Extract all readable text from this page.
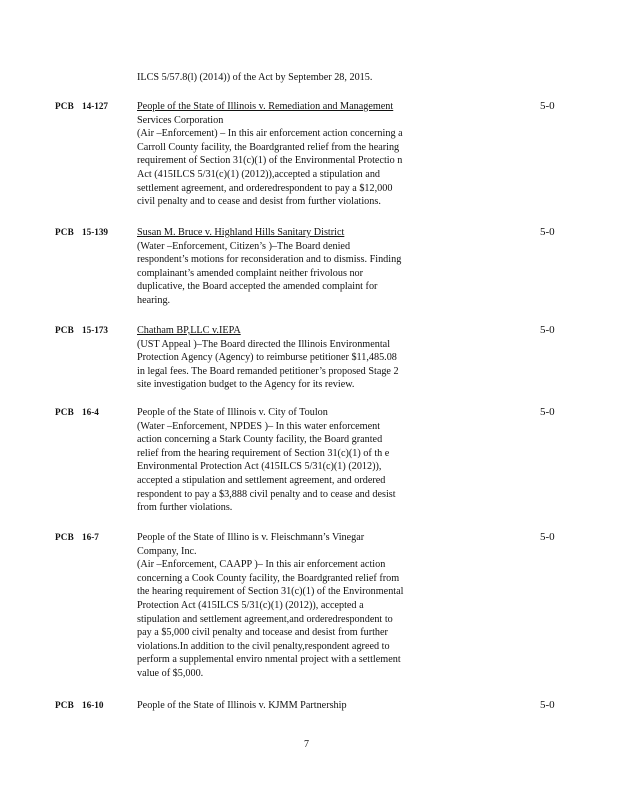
ILCS 5/57.8(l) (2014)) of the Act by September 28, 2015.
PCB 14-127	People of the State of Illinois v. Remediation and Management
Services Corporation
(Air –Enforcement) – In this air enforcement action concerning a
Carroll County facility, the Boardgranted relief from the hearing
requirement of Section 31(c)(1) of the Environmental Protectio n
Act (415ILCS 5/31(c)(1) (2012)),accepted a stipulation and
settlement agreement, and orderedrespondent to pay a $12,000
civil penalty and to cease and desist from further violations.
5-0
PCB 15-139	Susan M. Bruce v. Highland Hills Sanitary District
(Water –Enforcement, Citizen’s )–The Board denied
respondent’s motions for reconsideration and to dismiss. Finding
complainant’s amended complaint neither frivolous nor
duplicative, the Board accepted the amended complaint for
hearing.
5-0
PCB 15-173	Chatham BP,LLC v.IEPA
(UST Appeal )–The Board directed the Illinois Environmental
Protection Agency (Agency) to reimburse petitioner $11,485.08
in legal fees. The Board remanded petitioner’s proposed Stage 2
site investigation budget to the Agency for its review.
5-0
PCB 16-4	People of the State of Illinois v. City of Toulon
(Water –Enforcement, NPDES )– In this water enforcement
action concerning a Stark County facility, the Board granted
relief from the hearing requirement of Section 31(c)(1) of th e
Environmental Protection Act (415ILCS 5/31(c)(1) (2012)),
accepted a stipulation and settlement agreement, and ordered
respondent to pay a $3,888 civil penalty and to cease and desist
from further violations.
5-0
PCB 16-7	People of the State of Illino is v. Fleischmann’s Vinegar
Company, Inc.
(Air –Enforcement, CAAPP )– In this air enforcement action
concerning a Cook County facility, the Boardgranted relief from
the hearing requirement of Section 31(c)(1) of the Environmental
Protection Act (415ILCS 5/31(c)(1) (2012)), accepted a
stipulation and settlement agreement,and orderedrespondent to
pay a $5,000 civil penalty and tocease and desist from further
violations.In addition to the civil penalty,respondent agreed to
perform a supplemental enviro nmental project with a settlement
value of $5,000.
5-0
PCB 16-10	People of the State of Illinois v. KJMM Partnership	5-0
7
